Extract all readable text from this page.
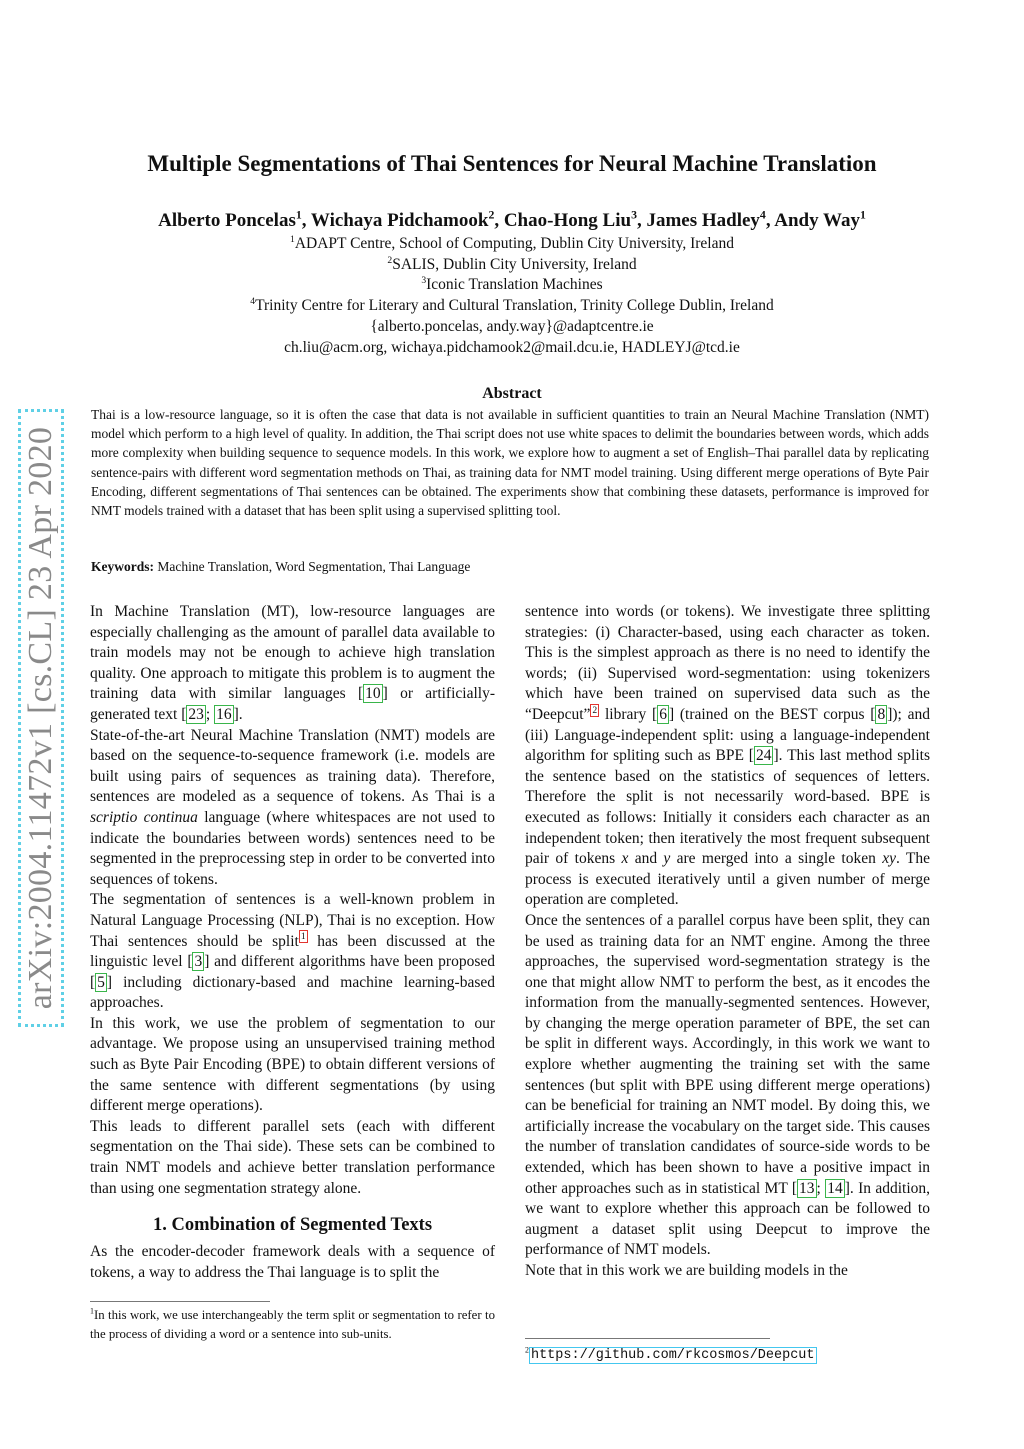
Multiple Segmentations of Thai Sentences for Neural Machine Translation
Alberto Poncelas$^1$, Wichaya Pidchamook$^2$, Chao-Hong Liu$^3$, James Hadley$^4$, Andy Way$^1$
$^1$ADAPT Centre, School of Computing, Dublin City University, Ireland
$^2$SALIS, Dublin City University, Ireland
$^3$Iconic Translation Machines
$^4$Trinity Centre for Literary and Cultural Translation, Trinity College Dublin, Ireland
{alberto.poncelas, andy.way}@adaptcentre.ie
ch.liu@acm.org, wichaya.pidchamook2@mail.dcu.ie, HADLEYJ@tcd.ie
Abstract
Thai is a low-resource language, so it is often the case that data is not available in sufficient quantities to train an Neural Machine Translation (NMT) model which perform to a high level of quality. In addition, the Thai script does not use white spaces to delimit the boundaries between words, which adds more complexity when building sequence to sequence models. In this work, we explore how to augment a set of English–Thai parallel data by replicating sentence-pairs with different word segmentation methods on Thai, as training data for NMT model training. Using different merge operations of Byte Pair Encoding, different segmentations of Thai sentences can be obtained. The experiments show that combining these datasets, performance is improved for NMT models trained with a dataset that has been split using a supervised splitting tool.
Keywords: Machine Translation, Word Segmentation, Thai Language

In Machine Translation (MT), low-resource languages are especially challenging as the amount of parallel data available to train models may not be enough to achieve high translation quality. One approach to mitigate this problem is to augment the training data with similar languages [ 10 ] or artificially-generated text [ 23 ; 16 ].

State-of-the-art Neural Machine Translation (NMT) models are based on the sequence-to-sequence framework (i.e. models are built using pairs of sequences as training data). Therefore, sentences are modeled as a sequence of tokens. As Thai is a scriptio continua language (where whitespaces are not used to indicate the boundaries between words) sentences need to be segmented in the preprocessing step in order to be converted into sequences of tokens.

The segmentation of sentences is a well-known problem in Natural Language Processing (NLP), Thai is no exception. How Thai sentences should be split $^1$ has been discussed at the linguistic level [ 3 ] and different algorithms have been proposed [ 5 ] including dictionary-based and machine learning-based approaches.

In this work, we use the problem of segmentation to our advantage. We propose using an unsupervised training method such as Byte Pair Encoding (BPE) to obtain different versions of the same sentence with different segmentations (by using different merge operations).

This leads to different parallel sets (each with different segmentation on the Thai side). These sets can be combined to train NMT models and achieve better translation performance than using one segmentation strategy alone.

1. Combination of Segmented Texts

As the encoder-decoder framework deals with a sequence of tokens, a way to address the Thai language is to split the

sentence into words (or tokens). We investigate three splitting strategies: (i) Character-based, using each character as token. This is the simplest approach as there is no need to identify the words; (ii) Supervised word-segmentation: using tokenizers which have been trained on supervised data such as the “Deepcut” $^2$ library [ 6 ] (trained on the BEST corpus [ 8 ]); and (iii) Language-independent split: using a language-independent algorithm for spliting such as BPE [ 24 ]. This last method splits the sentence based on the statistics of sequences of letters. Therefore the split is not necessarily word-based. BPE is executed as follows: Initially it considers each character as an independent token; then iteratively the most frequent subsequent pair of tokens x and y are merged into a single token xy. The process is executed iteratively until a given number of merge operation are completed.

Once the sentences of a parallel corpus have been split, they can be used as training data for an NMT engine. Among the three approaches, the supervised word-segmentation strategy is the one that might allow NMT to perform the best, as it encodes the information from the manually-segmented sentences. However, by changing the merge operation parameter of BPE, the set can be split in different ways. Accordingly, in this work we want to explore whether augmenting the training set with the same sentences (but split with BPE using different merge operations) can be beneficial for training an NMT model. By doing this, we artificially increase the vocabulary on the target side. This causes the number of translation candidates of source-side words to be extended, which has been shown to have a positive impact in other approaches such as in statistical MT [ 13 ; 14 ]. In addition, we want to explore whether this approach can be followed to augment a dataset split using Deepcut to improve the performance of NMT models.

Note that in this work we are building models in the

$^1$In this work, we use interchangeably the term split or segmentation to refer to the process of dividing a word or a sentence into sub-units.
$^2$ https://github.com/rkcosmos/Deepcut
arXiv:2004.11472v1 [cs.CL] 23 Apr 2020
